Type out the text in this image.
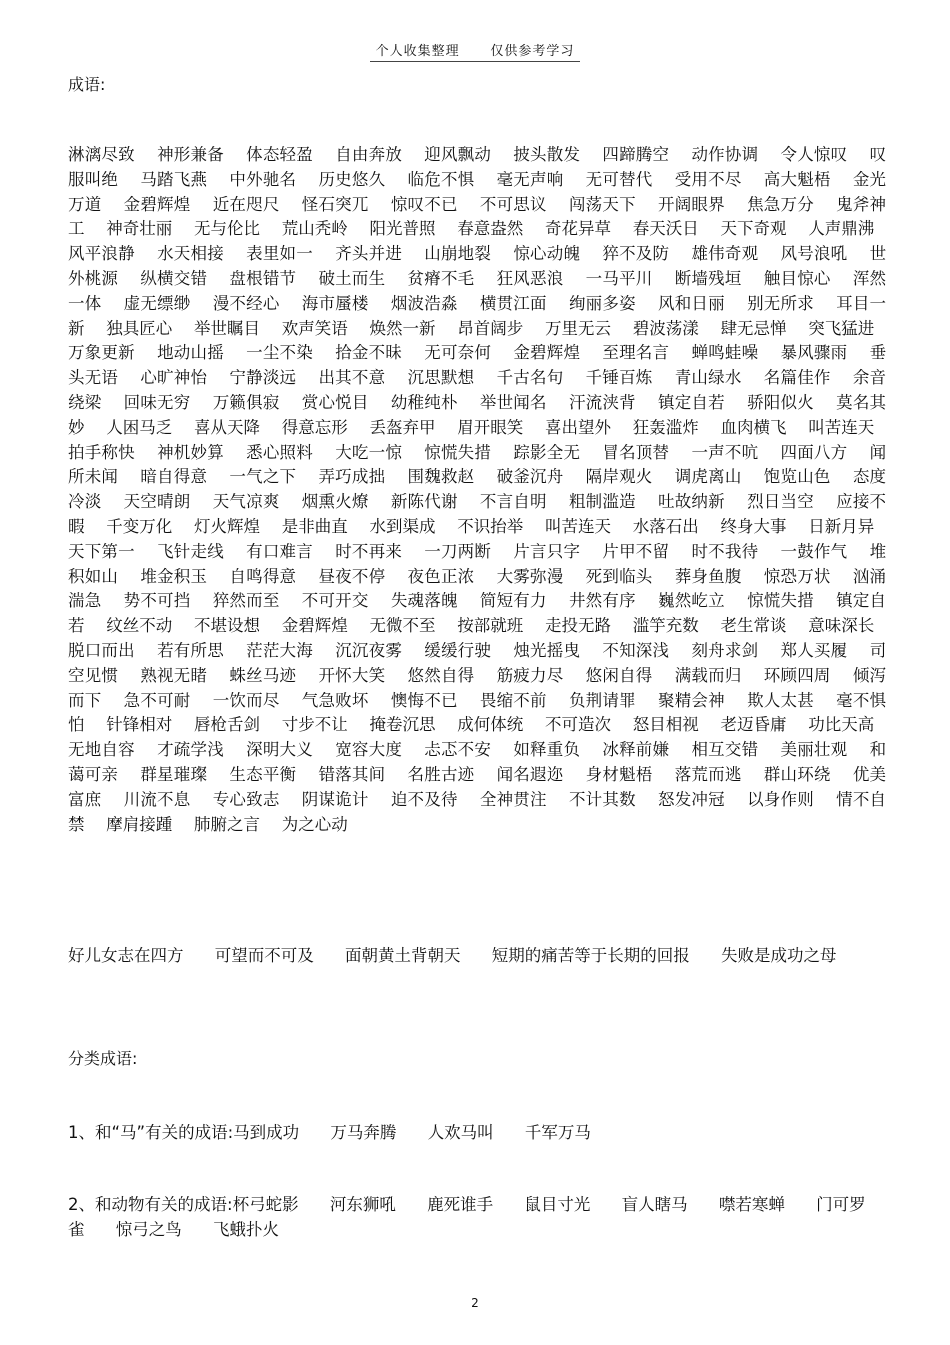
个人收集整理 仅供参考学习
成语:
淋漓尽致　 神形兼备　 体态轻盈　 自由奔放　 迎风飘动　 披头散发　 四蹄腾空　 动作协调　 令人惊叹　 叹服叫绝　 马踏飞燕　 中外驰名　 历史悠久　 临危不惧　 毫无声响　 无可替代　 受用不尽　 高大魁梧　 金光万道　 金碧辉煌　 近在咫尺　 怪石突兀　 惊叹不已　 不可思议　 闯荡天下　 开阔眼界　 焦急万分　 鬼斧神工　 神奇壮丽　 无与伦比　 荒山秃岭　 阳光普照　 春意盎然　 奇花异草　 春天沃日　 天下奇观　 人声鼎沸　 风平浪静　 水天相接　 表里如一　 齐头并进　 山崩地裂　 惊心动魄　 猝不及防　 雄伟奇观　 风号浪吼　 世外桃源　 纵横交错　 盘根错节　 破土而生　 贫瘠不毛　 狂风恶浪　 一马平川　 断墙残垣　 触目惊心　 浑然一体　 虚无缥缈　 漫不经心　 海市蜃楼　 烟波浩淼　 横贯江面　 绚丽多姿　 风和日丽　 别无所求　 耳目一新　 独具匠心　 举世瞩目　 欢声笑语　 焕然一新　 昂首阔步　 万里无云　 碧波荡漾　 肆无忌惮　 突飞猛进　 万象更新　 地动山摇　 一尘不染　 拾金不昧　 无可奈何　 金碧辉煌　 至理名言　 蝉鸣蛙噪　 暴风骤雨　 垂头无语　 心旷神怡　 宁静淡远　 出其不意　 沉思默想　 千古名句　 千锤百炼　 青山绿水　 名篇佳作　 余音绕梁　 回味无穷　 万籁俱寂　 赏心悦目　 幼稚纯朴　 举世闻名　 汗流浃背　 镇定自若　 骄阳似火　 莫名其妙　 人困马乏　 喜从天降　 得意忘形　 丢盔弃甲　 眉开眼笑　 喜出望外　 狂轰滥炸　 血肉横飞　 叫苦连天　 拍手称快　 神机妙算　 悉心照料　 大吃一惊　 惊慌失措　 踪影全无　 冒名顶替　 一声不吭　 四面八方　 闻所未闻　 暗自得意　 一气之下　 弄巧成拙　 围魏救赵　 破釜沉舟　 隔岸观火　 调虎离山　 饱览山色　 态度冷淡　 天空晴朗　 天气凉爽　 烟熏火燎　 新陈代谢　 不言自明　 粗制滥造　 吐故纳新　 烈日当空　 应接不暇　 千变万化　 灯火辉煌　 是非曲直　 水到渠成　 不识抬举　 叫苦连天　 水落石出　 终身大事　 日新月异　 天下第一　 飞针走线　 有口难言　 时不再来　 一刀两断　 片言只字　 片甲不留　 时不我待　 一鼓作气　 堆积如山　 堆金积玉　 自鸣得意　 昼夜不停　 夜色正浓　 大雾弥漫　 死到临头　 葬身鱼腹　 惊恐万状　 汹涌湍急　 势不可挡　 猝然而至　 不可开交　 失魂落魄　 简短有力　 井然有序　 巍然屹立　 惊慌失措　 镇定自若　 纹丝不动　 不堪设想　 金碧辉煌　 无微不至　 按部就班　 走投无路　 滥竽充数　 老生常谈　 意味深长　 脱口而出　 若有所思　 茫茫大海　 沉沉夜雾　 缓缓行驶　 烛光摇曳　 不知深浅　 刻舟求剑　 郑人买履　 司空见惯　 熟视无睹　 蛛丝马迹　 开怀大笑　 悠然自得　 筋疲力尽　 悠闲自得　 满载而归　 环顾四周　 倾泻而下　 急不可耐　 一饮而尽　 气急败坏　 懊悔不已　 畏缩不前　 负荆请罪　 聚精会神　 欺人太甚　 毫不惧怕　 针锋相对　 唇枪舌剑　 寸步不让　 掩卷沉思　 成何体统　 不可造次　 怒目相视　 老迈昏庸　 功比天高　 无地自容　 才疏学浅　 深明大义　 宽容大度　 忐忑不安　 如释重负　 冰释前嫌　 相互交错　 美丽壮观　 和蔼可亲　 群星璀璨　 生态平衡　 错落其间　 名胜古迹　 闻名遐迩　 身材魁梧　 落荒而逃　 群山环绕　 优美富庶　 川流不息　 专心致志　 阴谋诡计　 迫不及待　 全神贯注　 不计其数　 怒发冲冠　 以身作则　 情不自禁　 摩肩接踵　 肺腑之言　 为之心动　
好儿女志在四方 可望而不可及 面朝黄土背朝天 短期的痛苦等于长期的回报 失败是成功之母
分类成语:
1、和“马”有关的成语:马到成功 万马奔腾 人欢马叫 千军万马
2、和动物有关的成语:杯弓蛇影 河东狮吼 鹿死谁手 鼠目寸光 盲人瞎马 噤若寒蝉 门可罗雀 惊弓之鸟 飞蛾扑火
2
